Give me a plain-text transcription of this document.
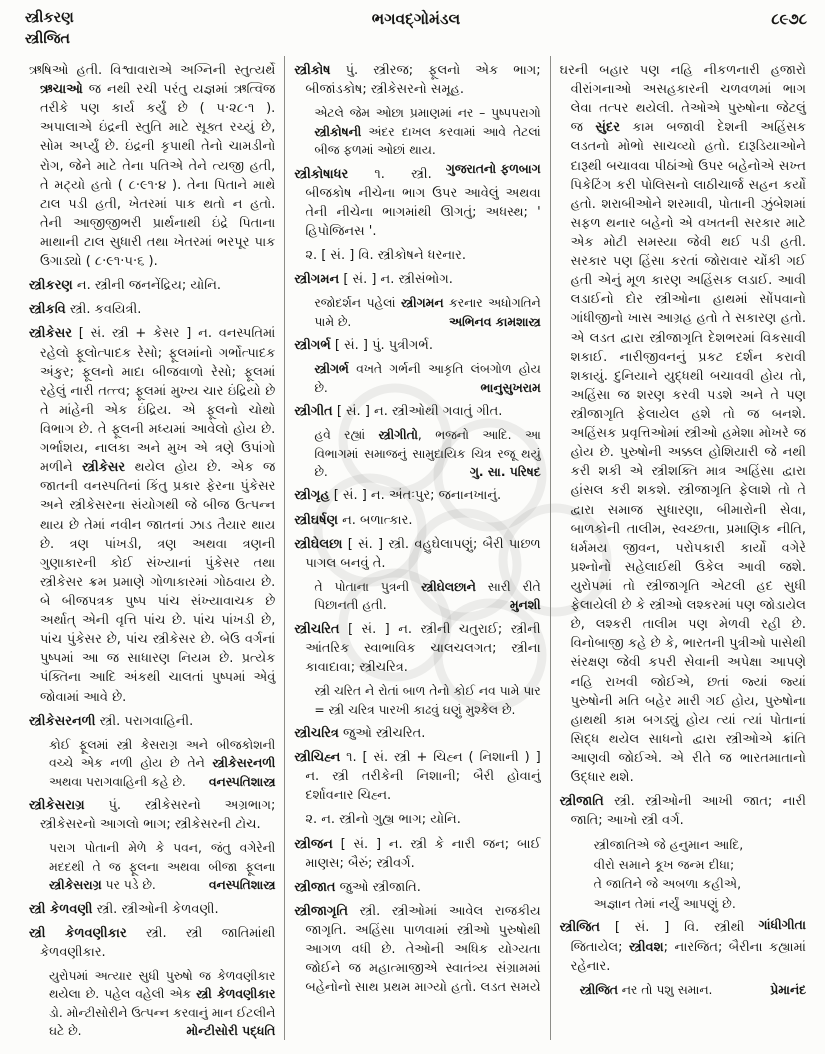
સ્ત્રીકરણ
સ્ત્રીજિત
ભગવદ્ગોમંડલ	૮૯૭૮
ઋષિઓ હતી. વિશ્વાવારાએ અગ્નિની સ્તુત્યર્થે ઋચાઓ જ નથી રચી પરંતુ યજ્ઞમાં ઋત્વિજ તરીકે પણ કાર્ય કર્યું છે ( ૫·૨૮·૧ ). અપાલાએ ઇંદ્રની સ્તુતિ માટે સૂક્ત રચ્યું છે, સોમ અર્પ્યું છે. ઇંદ્રની કૃપાથી તેનો ચામડીનો રોગ, જેને માટે તેના પતિએ તેને ત્યજી હતી, તે મટ્યો હતો ( ૮·૯૧·૪ ). તેના પિતાને માથે ટાલ પડી હતી, ખેતરમાં પાક થતો ન હતો. તેની આજીજીભરી પ્રાર્થનાથી ઇંદ્રે પિતાના માથાની ટાલ સુધારી તથા ખેતરમાં ભરપૂર પાક ઉગાડ્યો ( ૮·૯૧·૫·૬ ).
સ્ત્રીકરણ ન. સ્ત્રીની જનનેંદ્રિય; યોનિ.
સ્ત્રીકવિ સ્ત્રી. કવયિત્રી.
સ્ત્રીકેસર [ સં. સ્ત્રી + કેસર ] ન. વનસ્પતિમાં રહેલો ફૂલોત્પાદક રેસો; ફૂલમાંનો ગર્ભોત્પાદક અંકુર; ફૂલનો માદા બીજવાળો રેસો; ફૂલમાં રહેલું નારી તત્ત્વ; ફૂલમાં મુખ્ય ચાર ઇંદ્રિયો છે તે માંહેની એક ઇંદ્રિય. એ ફૂલનો ચોથો વિભાગ છે. તે ફૂલની મધ્યમાં આવેલો હોય છે. ગર્ભાશય, નાલકા અને મુખ એ ત્રણે ઉપાંગો મળીને સ્ત્રીકેસર થયેલ હોય છે. એક જ જાતની વનસ્પતિનાં કિંતુ પ્રકાર ફેરના પુંકેસર અને સ્ત્રીકેસરના સંયોગથી જે બીજ ઉત્પન્ન થાય છે તેમાં નવીન જાતનાં ઝાડ તૈયાર થાય છે. ત્રણ પાંખડી, ત્રણ અથવા ત્રણની ગુણાકારની કોઈ સંખ્યાનાં પુંકેસર તથા સ્ત્રીકેસર ક્રમ પ્રમાણે ગોળાકારમાં ગોઠવાય છે. બે બીજપત્રક પુષ્પ પાંચ સંખ્યાવાચક છે અર્થાત્ એની વૃત્તિ પાંચ છે. પાંચ પાંખડી છે, પાંચ પુંકેસર છે, પાંચ સ્ત્રીકેસર છે. બેઉ વર્ગનાં પુષ્પમાં આ જ સાધારણ નિયમ છે. પ્રત્યેક પંક્તિના આદિ અંકથી ચાલતાં પુષ્પમાં એવું જોવામાં આવે છે.
સ્ત્રીકેસરનળી સ્ત્રી. પરાગવાહિની.
કોઈ ફૂલમાં સ્ત્રી કેસરાગ્ર અને બીજકોશની વચ્ચે એક નળી હોય છે તેને સ્ત્રીકેસરનળી અથવા પરાગવાહિની કહે છે. વનસ્પતિશાસ્ત્ર
સ્ત્રીકેસરાગ્ર પું. સ્ત્રીકેસરનો અગ્રભાગ; સ્ત્રીકેસરનો આગલો ભાગ; સ્ત્રીકેસરની ટોચ.
પરાગ પોતાની મેળે કે પવન, જંતુ વગેરેની મદદથી તે જ ફૂલના અથવા બીજા ફૂલના સ્ત્રીકેસરાગ્ર પર પડે છે.	વનસ્પતિશાસ્ત્ર
સ્ત્રી કેળવણી સ્ત્રી. સ્ત્રીઓની કેળવણી.
સ્ત્રી કેળવણીકાર સ્ત્રી. સ્ત્રી જાતિમાંથી કેળવણીકાર.
યુરોપમાં અત્યાર સુધી પુરુષો જ કેળવણીકાર થયેલા છે. પહેલ વહેલી એક સ્ત્રી કેળવણીકાર ડો. મોન્ટીસોરીને ઉત્પન્ન કરવાનું માન ઈટલીને ઘટે છે.	મોન્ટીસોરી પદ્ધતિ
સ્ત્રીકોષ પું. સ્ત્રીરજ; ફૂલનો એક ભાગ; બીજાંડકોષ; સ્ત્રીકેસરનો સમૂહ.
એટલે જેમ ઓછા પ્રમાણમાં નર – પુષ્પપરાગો સ્ત્રીકોષની અંદર દાખલ કરવામાં આવે તેટલાં બીજ ફળમાં ઓછાં થાય.
ગુજરાતનો ફળબાગ
સ્ત્રીકોષાધર ૧. સ્ત્રી. બીજકોષ નીચેના ભાગ ઉપર આવેલું અથવા તેની નીચેના ભાગમાંથી ઊગતું; અધસ્થ; ' હિપોજિનસ '.
૨. [ સં. ] વિ. સ્ત્રીકોષને ધરનાર.
સ્ત્રીગમન [ સં. ] ન. સ્ત્રીસંભોગ.
રજોદર્શન પહેલાં સ્ત્રીગમન કરનાર અધોગતિને પામે છે.	અભિનવ કામશાસ્ત્ર
સ્ત્રીગર્ભ [ સં. ] પું. પુત્રીગર્ભ.
સ્ત્રીગર્ભ વખતે ગર્ભની આકૃતિ લંબગોળ હોય છે.	ભાનુસુખરામ
સ્ત્રીગીત [ સં. ] ન. સ્ત્રીઓથી ગવાતું ગીત.
હવે રહ્યાં સ્ત્રીગીતો, ભજનો આદિ. આ વિભાગમાં સમાજનું સામુદાયિક ચિત્ર રજૂ થયું છે.	ગુ. સા. પરિષદ
સ્ત્રીગૃહ [ સં. ] ન. અંતઃપુર; જનાનખાનું.
સ્ત્રીઘર્ષણ ન. બળાત્કાર.
સ્ત્રીઘેલછા [ સં. ] સ્ત્રી. વહુઘેલાપણું; બૈરી પાછળ પાગલ બનવું તે.
તે પોતાના પુત્રની સ્ત્રીઘેલછાને સારી રીતે પિછાનતી હતી.	મુનશી
સ્ત્રીચરિત [ સં. ] ન. સ્ત્રીની ચતુરાઈ; સ્ત્રીની આંતરિક સ્વાભાવિક ચાલચલગત; સ્ત્રીના કાવાદાવા; સ્ત્રીચરિત્ર.
સ્ત્રી ચરિત ને રોતાં બાળ તેનો કોઈ નવ પામે પાર = સ્ત્રી ચરિત્ર પારખી કાઢવું ઘણું મુશ્કેલ છે.
સ્ત્રીચરિત્ર જુઓ સ્ત્રીચરિત.
સ્ત્રીચિહ્ન ૧. [ સં. સ્ત્રી + ચિહ્ન ( નિશાની ) ] ન. સ્ત્રી તરીકેની નિશાની; બૈરી હોવાનું દર્શાવનાર ચિહ્ન.
૨. ન. સ્ત્રીનો ગુહ્ય ભાગ; યોનિ.
સ્ત્રીજન [ સં. ] ન. સ્ત્રી કે નારી જન; બાઈ માણસ; બૈરું; સ્ત્રીવર્ગ.
સ્ત્રીજાત જુઓ સ્ત્રીજાતિ.
સ્ત્રીજાગૃતિ સ્ત્રી. સ્ત્રીઓમાં આવેલ રાજકીય જાગૃતિ. અહિંસા પાળવામાં સ્ત્રીઓ પુરુષોથી આગળ વધી છે. તેઓની અધિક યોગ્યતા જોઈને જ મહાત્માજીએ સ્વાતંત્ર્ય સંગ્રામમાં બહેનોનો સાથ પ્રથમ માગ્યો હતો. લડત સમયે
ઘરની બહાર પણ નહિ નીકળનારી હજારો વીરાંગનાઓ અસહકારની ચળવળમાં ભાગ લેવા તત્પર થયેલી. તેઓએ પુરુષોના જેટલું જ સુંદર કામ બજાવી દેશની અહિંસક લડતનો મોભો સાચવ્યો હતો. દારૂડિયાઓને દારૂથી બચાવવા પીઠાંઓ ઉપર બહેનોએ સખ્ત પિકેટિંગ કરી પોલિસનો લાઠીચાર્જ સહન કર્યો હતો. શરાબીઓને શરમાવી, પોતાની ઝુંબેશમાં સફળ થનાર બહેનો એ વખતની સરકાર માટે એક મોટી સમસ્યા જેવી થઈ પડી હતી. સરકાર પણ હિંસા કરતાં જોરાવાર ચોંકી ગઈ હતી એનું મૂળ કારણ અહિંસક લડાઈ. આવી લડાઈનો દોર સ્ત્રીઓના હાથમાં સોંપવાનો ગાંધીજીનો ખાસ આગ્રહ હતો તે સકારણ હતો. એ લડત દ્વારા સ્ત્રીજાગૃતિ દેશભરમાં વિકસાવી શકાઈ. નારીજીવનનું પ્રકટ દર્શન કરાવી શકાયું. દુનિયાને યુદ્ધથી બચાવવી હોય તો, અહિંસા જ શરણ કરવી પડશે અને તે પણ સ્ત્રીજાગૃતિ ફેલાયેલ હશે તો જ બનશે. અહિંસક પ્રવૃત્તિઓમાં સ્ત્રીઓ હમેશા મોખરે જ હોય છે. પુરુષોની અક્કલ હોશિયારી જે નથી કરી શકી એ સ્ત્રીશક્તિ માત્ર અહિંસા દ્વારા હાંસલ કરી શકશે. સ્ત્રીજાગૃતિ ફેલાશે તો તે દ્વારા સમાજ સુધારણા, બીમારોની સેવા, બાળકોની તાલીમ, સ્વચ્છતા, પ્રમાણિક નીતિ, ધર્મમય જીવન, પરોપકારી કાર્યો વગેરે પ્રશ્નોનો સહેલાઈથી ઉકેલ આવી જશે. યુરોપમાં તો સ્ત્રીજાગૃતિ એટલી હદ સુધી ફેલાયેલી છે કે સ્ત્રીઓ લશ્કરમાં પણ જોડાયેલ છે, લશ્કરી તાલીમ પણ મેળવી રહી છે. વિનોબાજી કહે છે કે, ભારતની પુત્રીઓ પાસેથી સંરક્ષણ જેવી કપરી સેવાની અપેક્ષા આપણે નહિ રાખવી જોઈએ, છતાં જ્યાં જ્યાં પુરુષોની મતિ બહેર મારી ગઈ હોય, પુરુષોના હાથથી કામ બગડ્યું હોય ત્યાં ત્યાં પોતાનાં સિદ્ધ થયેલ સાધનો દ્વારા સ્ત્રીઓએ ક્રાંતિ આણવી જોઈએ. એ રીતે જ ભારતમાતાનો ઉદ્ધાર થશે.
સ્ત્રીજાતિ સ્ત્રી. સ્ત્રીઓની આખી જાત; નારી જાતિ; આખો સ્ત્રી વર્ગ.
સ્ત્રીજાતિએ જે હનુમાન આદિ,
વીરો સમાને કૂખ જન્મ દીધા;
તે જાતિને જે અબળા કહીએ,
અજ્ઞાન તેમાં નર્યું આપણું છે.
ગાંધીગીતા
સ્ત્રીજિત [ સં. ] વિ. સ્ત્રીથી જિતાયેલ; સ્ત્રીવશ; નારજિત; બૈરીના કહ્યામાં રહેનાર.
સ્ત્રીજિત નર તો પશુ સમાન.	પ્રેમાનંદ
